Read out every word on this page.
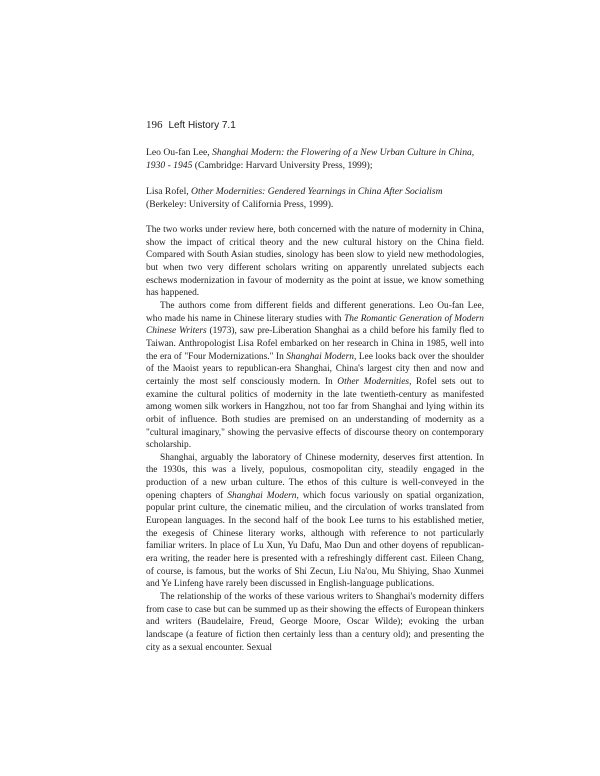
196 Left History 7.1

Leo Ou-fan Lee, Shanghai Modern: the Flowering of a New Urban Culture in China, 1930 - 1945 (Cambridge: Harvard University Press, 1999);

Lisa Rofel, Other Modernities: Gendered Yearnings in China After Socialism (Berkeley: University of California Press, 1999).

The two works under review here, both concerned with the nature of modernity in China, show the impact of critical theory and the new cultural history on the China field. Compared with South Asian studies, sinology has been slow to yield new methodologies, but when two very different scholars writing on apparently unrelated subjects each eschews modernization in favour of modernity as the point at issue, we know something has happened.

The authors come from different fields and different generations. Leo Ou-fan Lee, who made his name in Chinese literary studies with The Romantic Generation of Modern Chinese Writers (1973), saw pre-Liberation Shanghai as a child before his family fled to Taiwan. Anthropologist Lisa Rofel embarked on her research in China in 1985, well into the era of "Four Modernizations." In Shanghai Modern, Lee looks back over the shoulder of the Maoist years to republican-era Shanghai, China's largest city then and now and certainly the most self consciously modern. In Other Modernities, Rofel sets out to examine the cultural politics of modernity in the late twentieth-century as manifested among women silk workers in Hangzhou, not too far from Shanghai and lying within its orbit of influence. Both studies are premised on an understanding of modernity as a "cultural imaginary," showing the pervasive effects of discourse theory on contemporary scholarship.

Shanghai, arguably the laboratory of Chinese modernity, deserves first attention. In the 1930s, this was a lively, populous, cosmopolitan city, steadily engaged in the production of a new urban culture. The ethos of this culture is well-conveyed in the opening chapters of Shanghai Modern, which focus variously on spatial organization, popular print culture, the cinematic milieu, and the circulation of works translated from European languages. In the second half of the book Lee turns to his established metier, the exegesis of Chinese literary works, although with reference to not particularly familiar writers. In place of Lu Xun, Yu Dafu, Mao Dun and other doyens of republican-era writing, the reader here is presented with a refreshingly different cast. Eileen Chang, of course, is famous, but the works of Shi Zecun, Liu Na'ou, Mu Shiying, Shao Xunmei and Ye Linfeng have rarely been discussed in English-language publications.

The relationship of the works of these various writers to Shanghai's modernity differs from case to case but can be summed up as their showing the effects of European thinkers and writers (Baudelaire, Freud, George Moore, Oscar Wilde); evoking the urban landscape (a feature of fiction then certainly less than a century old); and presenting the city as a sexual encounter. Sexual
